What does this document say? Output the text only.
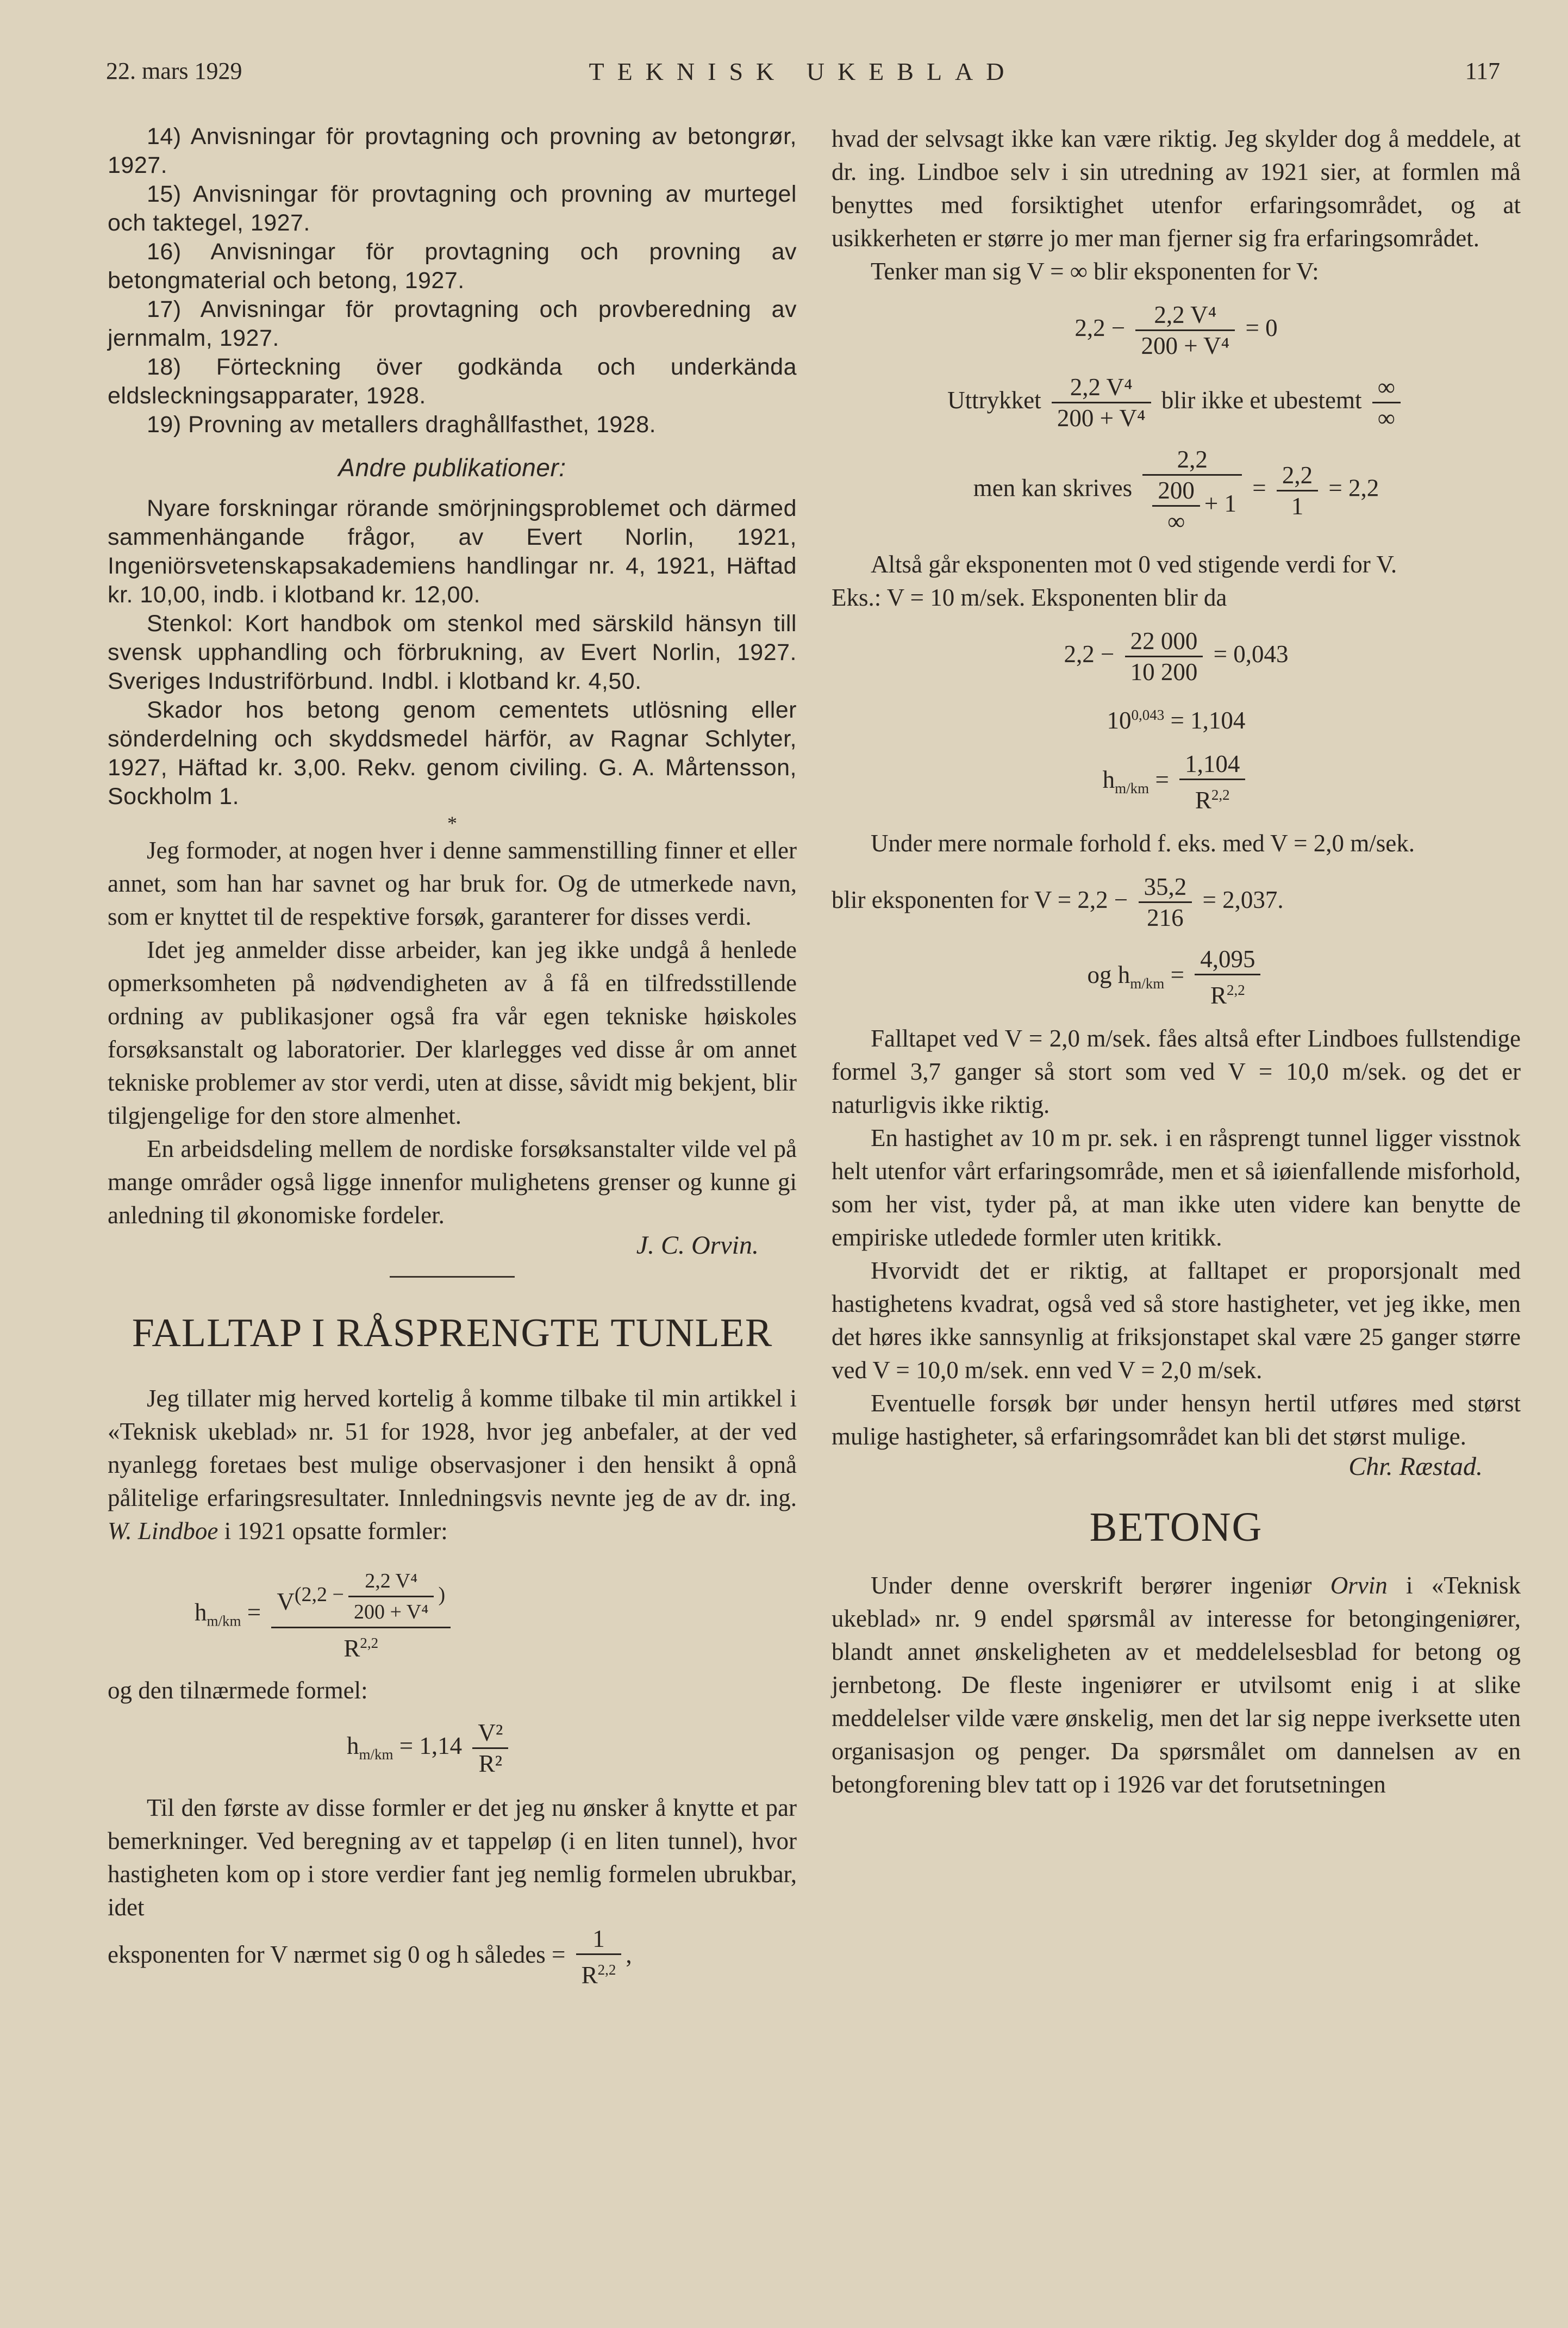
22. mars 1929	TEKNISK UKEBLAD	117

14) Anvisningar för provtagning och provning av betongrør, 1927.

15) Anvisningar för provtagning och provning av murtegel och taktegel, 1927.

16) Anvisningar för provtagning och provning av betongmaterial och betong, 1927.

17) Anvisningar för provtagning och provberedning av jernmalm, 1927.

18) Förteckning över godkända och underkända eldsleckningsapparater, 1928.

19) Provning av metallers draghållfasthet, 1928.

Andre publikationer:

Nyare forskningar rörande smörjningsproblemet och därmed sammenhängande frågor, av Evert Norlin, 1921, Ingeniörsvetenskapsakademiens handlingar nr. 4, 1921, Häftad kr. 10,00, indb. i klotband kr. 12,00.

Stenkol: Kort handbok om stenkol med särskild hänsyn till svensk upphandling och förbrukning, av Evert Norlin, 1927. Sveriges Industriförbund. Indbl. i klotband kr. 4,50.

Skador hos betong genom cementets utlösning eller sönderdelning och skyddsmedel härför, av Ragnar Schlyter, 1927, Häftad kr. 3,00. Rekv. genom civiling. G. A. Mårtensson, Sockholm 1.

*

Jeg formoder, at nogen hver i denne sammenstilling finner et eller annet, som han har savnet og har bruk for. Og de utmerkede navn, som er knyttet til de respektive forsøk, garanterer for disses verdi.

Idet jeg anmelder disse arbeider, kan jeg ikke undgå å henlede opmerksomheten på nødvendigheten av å få en tilfredsstillende ordning av publikasjoner også fra vår egen tekniske høiskoles forsøksanstalt og laboratorier. Der klarlegges ved disse år om annet tekniske problemer av stor verdi, uten at disse, såvidt mig bekjent, blir tilgjengelige for den store almenhet.

En arbeidsdeling mellem de nordiske forsøksanstalter vilde vel på mange områder også ligge innenfor mulighetens grenser og kunne gi anledning til økonomiske fordeler.

J. C. Orvin.
FALLTAP I RÅSPRENGTE TUNLER

Jeg tillater mig herved kortelig å komme tilbake til min artikkel i «Teknisk ukeblad» nr. 51 for 1928, hvor jeg anbefaler, at der ved nyanlegg foretaes best mulige observasjoner i den hensikt å opnå pålitelige erfaringsresultater. Innledningsvis nevnte jeg de av dr. ing. W. Lindboe i 1921 opsatte formler:

$h_{m/km} = V^{(2,2 - \frac{\text{2,2 V⁴}}{\text{200 + V⁴}} )}$
R$^{2,2}$

og den tilnærmede formel:

$h_{m/km} = 1,14 \frac{\text{V²}}{\text{R²}}$

Til den første av disse formler er det jeg nu ønsker å knytte et par bemerkninger. Ved beregning av et tappeløp (i en liten tunnel), hvor hastigheten kom op i store verdier fant jeg nemlig formelen ubrukbar, idet

eksponenten for V nærmet sig 0 og h således = $\frac{1}{R^{2,2}}$ ,

hvad der selvsagt ikke kan være riktig. Jeg skylder dog å meddele, at dr. ing. Lindboe selv i sin utredning av 1921 sier, at formlen må benyttes med forsiktighet utenfor erfaringsområdet, og at usikkerheten er større jo mer man fjerner sig fra erfaringsområdet.

Tenker man sig V = ∞ blir eksponenten for V:

$2,2 - \frac{\text{2,2 V⁴}}{\text{200 + V⁴}} = 0$
Uttrykket $\frac{\text{2,2 V⁴}}{\text{200 + V⁴}}$ blir ikke et ubestemt $\frac{\infty}{\infty}$
men kan skrives $\frac{2,2}{\frac{200}{\infty} + 1} = \frac{2,2}{1} = 2,2$

Altså går eksponenten mot 0 ved stigende verdi for V.

Eks.: V = 10 m/sek. Eksponenten blir da

$2,2 - \frac{22 000}{10 200} = 0,043$
$10^{0,043} = 1,104$
$h_{m/km} = \frac{1,104}{R^{2,2}}$

Under mere normale forhold f. eks. med V = 2,0 m/sek.

blir eksponenten for $V = 2,2 - \frac{35,2}{216} = 2,037$.
og $h_{m/km} = \frac{4,095}{R^{2,2}}$

Falltapet ved V = 2,0 m/sek. fåes altså efter Lindboes fullstendige formel 3,7 ganger så stort som ved V = 10,0 m/sek. og det er naturligvis ikke riktig.

En hastighet av 10 m pr. sek. i en råsprengt tunnel ligger visstnok helt utenfor vårt erfaringsområde, men et så iøienfallende misforhold, som her vist, tyder på, at man ikke uten videre kan benytte de empiriske utledede formler uten kritikk.

Hvorvidt det er riktig, at falltapet er proporsjonalt med hastighetens kvadrat, også ved så store hastigheter, vet jeg ikke, men det høres ikke sannsynlig at friksjonstapet skal være 25 ganger større ved V = 10,0 m/sek. enn ved V = 2,0 m/sek.

Eventuelle forsøk bør under hensyn hertil utføres med størst mulige hastigheter, så erfaringsområdet kan bli det størst mulige.

Chr. Ræstad.
BETONG

Under denne overskrift berører ingeniør Orvin i «Teknisk ukeblad» nr. 9 endel spørsmål av interesse for betongingeniører, blandt annet ønskeligheten av et meddelelsesblad for betong og jernbetong. De fleste ingeniører er utvilsomt enig i at slike meddelelser vilde være ønskelig, men det lar sig neppe iverksette uten organisasjon og penger. Da spørsmålet om dannelsen av en betongforening blev tatt op i 1926 var det forutsetningen
